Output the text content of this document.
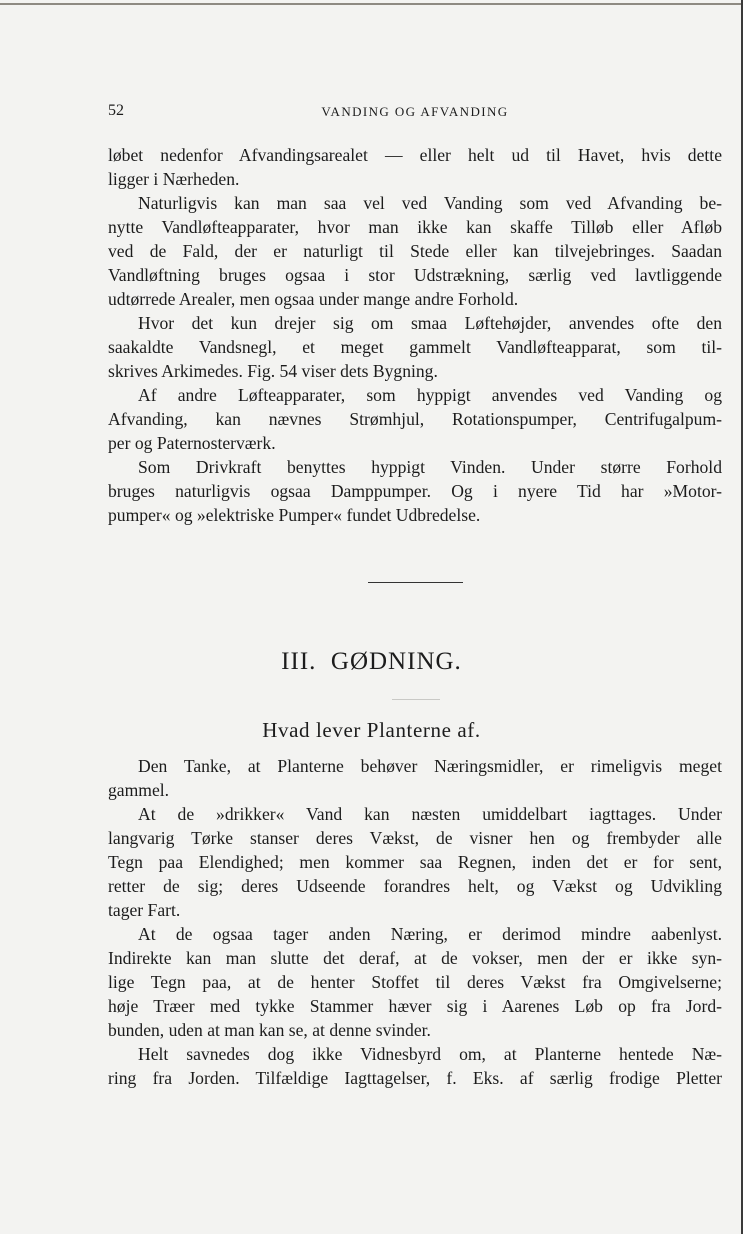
52	VANDING OG AFVANDING
løbet nedenfor Afvandingsarealet — eller helt ud til Havet, hvis dette
ligger i Nærheden.
Naturligvis kan man saa vel ved Vanding som ved Afvanding be-
nytte Vandløfteapparater, hvor man ikke kan skaffe Tilløb eller Afløb
ved de Fald, der er naturligt til Stede eller kan tilvejebringes. Saadan
Vandløftning bruges ogsaa i stor Udstrækning, særlig ved lavtliggende
udtørrede Arealer, men ogsaa under mange andre Forhold.
Hvor det kun drejer sig om smaa Løftehøjder, anvendes ofte den
saakaldte Vandsnegl, et meget gammelt Vandløfteapparat, som til-
skrives Arkimedes. Fig. 54 viser dets Bygning.
Af andre Løfteapparater, som hyppigt anvendes ved Vanding og
Afvanding, kan nævnes Strømhjul, Rotationspumper, Centrifugalpum-
per og Paternosterværk.
Som Drivkraft benyttes hyppigt Vinden. Under større Forhold
bruges naturligvis ogsaa Damppumper. Og i nyere Tid har »Motor-
pumper« og »elektriske Pumper« fundet Udbredelse.
III.  GØDNING.
Hvad lever Planterne af.
Den Tanke, at Planterne behøver Næringsmidler, er rimeligvis meget
gammel.
At de »drikker« Vand kan næsten umiddelbart iagttages. Under
langvarig Tørke stanser deres Vækst, de visner hen og frembyder alle
Tegn paa Elendighed; men kommer saa Regnen, inden det er for sent,
retter de sig; deres Udseende forandres helt, og Vækst og Udvikling
tager Fart.
At de ogsaa tager anden Næring, er derimod mindre aabenlyst.
Indirekte kan man slutte det deraf, at de vokser, men der er ikke syn-
lige Tegn paa, at de henter Stoffet til deres Vækst fra Omgivelserne;
høje Træer med tykke Stammer hæver sig i Aarenes Løb op fra Jord-
bunden, uden at man kan se, at denne svinder.
Helt savnedes dog ikke Vidnesbyrd om, at Planterne hentede Næ-
ring fra Jorden. Tilfældige Iagttagelser, f. Eks. af særlig frodige Pletter
